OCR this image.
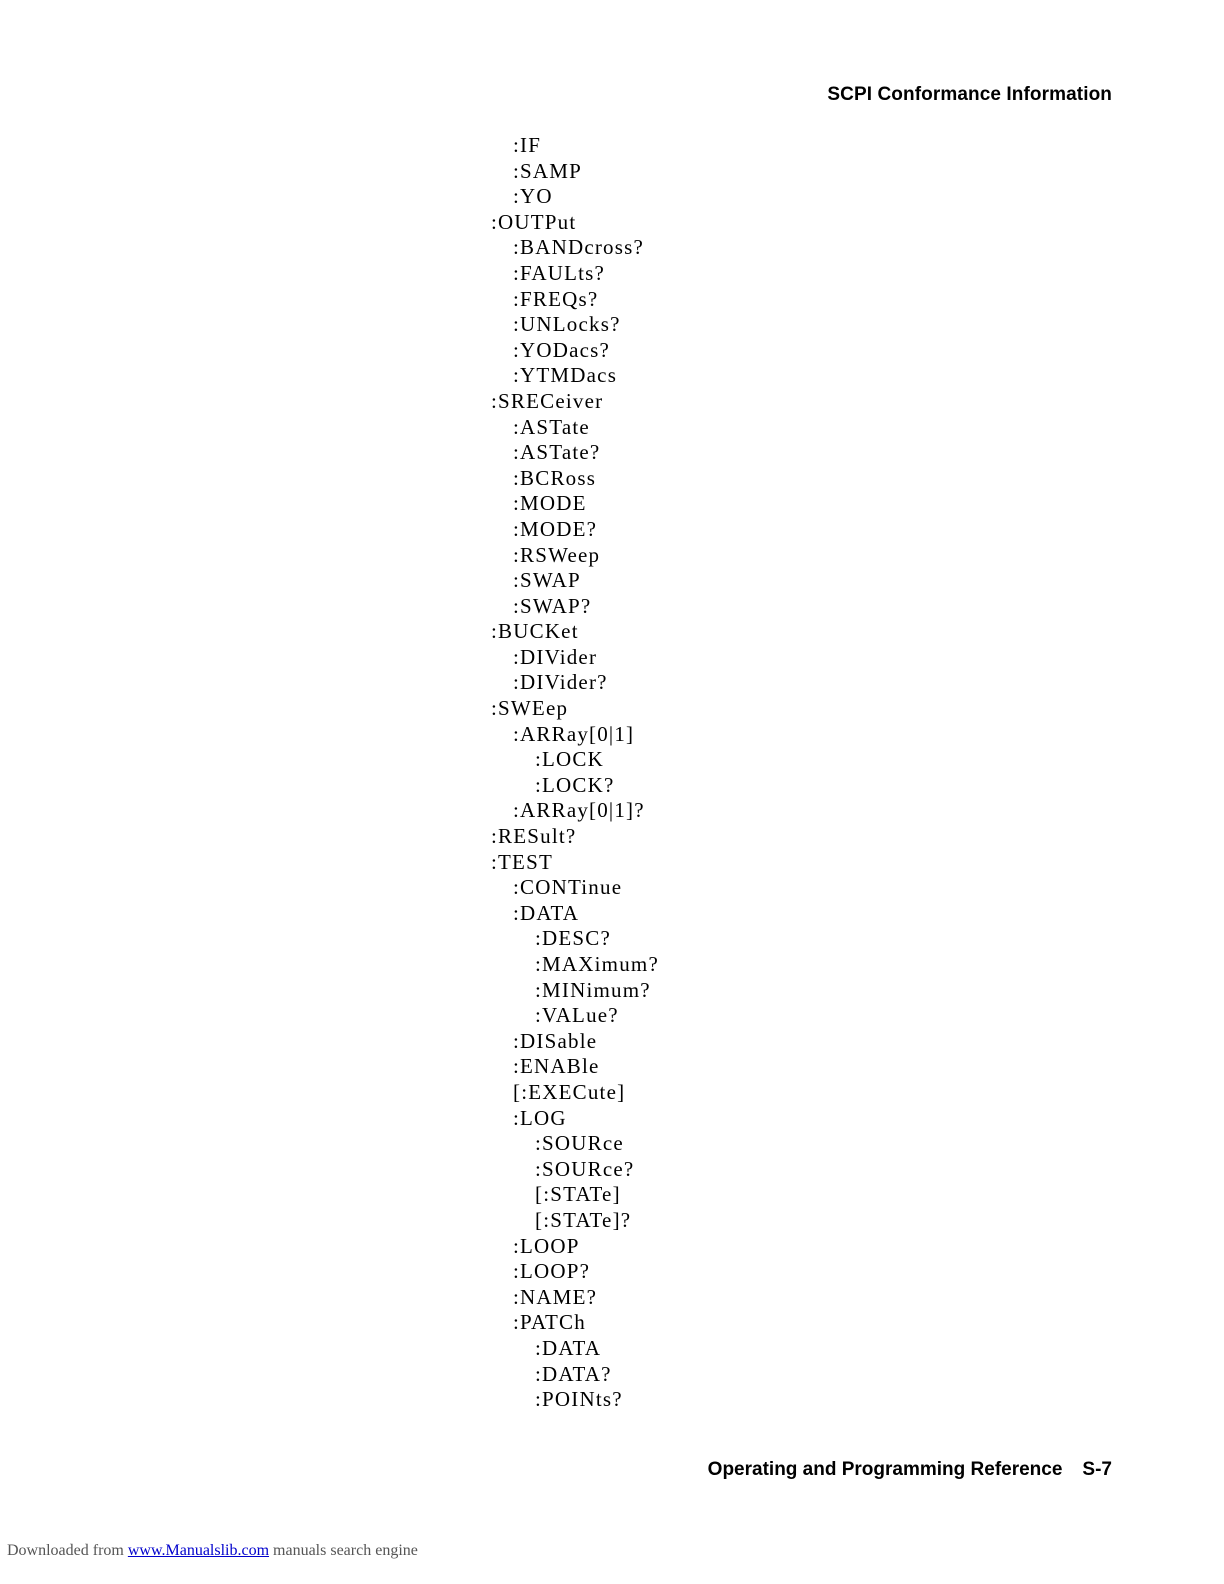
SCPI Conformance Information
:IF
:SAMP
:YO
:OUTPut
:BANDcross?
:FAULts?
:FREQs?
:UNLocks?
:YODacs?
:YTMDacs
:SRECeiver
:ASTate
:ASTate?
:BCRoss
:MODE
:MODE?
:RSWeep
:SWAP
:SWAP?
:BUCKet
:DIVider
:DIVider?
:SWEep
:ARRay[0|1]
:LOCK
:LOCK?
:ARRay[0|1]?
:RESult?
:TEST
:CONTinue
:DATA
:DESC?
:MAXimum?
:MINimum?
:VALue?
:DISable
:ENABle
[:EXECute]
:LOG
:SOURce
:SOURce?
[:STATe]
[:STATe]?
:LOOP
:LOOP?
:NAME?
:PATCh
:DATA
:DATA?
:POINts?
Operating and Programming Reference S-7
Downloaded from www.Manualslib.com manuals search engine
